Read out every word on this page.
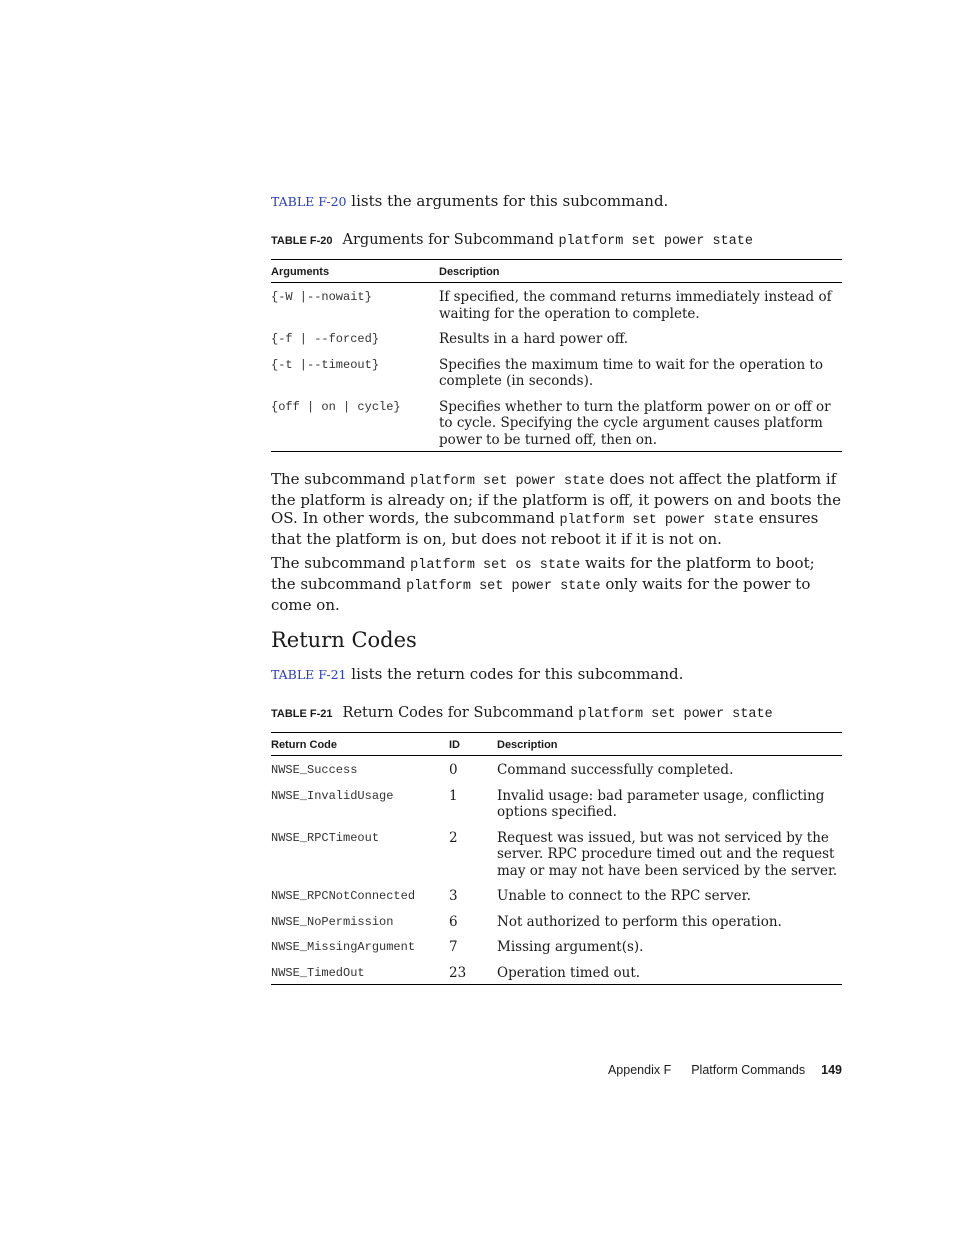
TABLE F-20 lists the arguments for this subcommand.

TABLE F-20 Arguments for Subcommand platform set power state
Arguments	Description
{-W |--nowait}	If specified, the command returns immediately instead of waiting for the operation to complete.
{-f | --forced}	Results in a hard power off.
{-t |--timeout}	Specifies the maximum time to wait for the operation to complete (in seconds).
{off | on | cycle}	Specifies whether to turn the platform power on or off or to cycle. Specifying the cycle argument causes platform power to be turned off, then on.

The subcommand platform set power state does not affect the platform if the platform is already on; if the platform is off, it powers on and boots the OS. In other words, the subcommand platform set power state ensures that the platform is on, but does not reboot it if it is not on.

The subcommand platform set os state waits for the platform to boot; the subcommand platform set power state only waits for the power to come on.

Return Codes

TABLE F-21 lists the return codes for this subcommand.

TABLE F-21 Return Codes for Subcommand platform set power state
Return Code	ID	Description
NWSE_Success	0	Command successfully completed.
NWSE_InvalidUsage	1	Invalid usage: bad parameter usage, conflicting options specified.
NWSE_RPCTimeout	2	Request was issued, but was not serviced by the server. RPC procedure timed out and the request may or may not have been serviced by the server.
NWSE_RPCNotConnected	3	Unable to connect to the RPC server.
NWSE_NoPermission	6	Not authorized to perform this operation.
NWSE_MissingArgument	7	Missing argument(s).
NWSE_TimedOut	23	Operation timed out.
Appendix F Platform Commands 149
